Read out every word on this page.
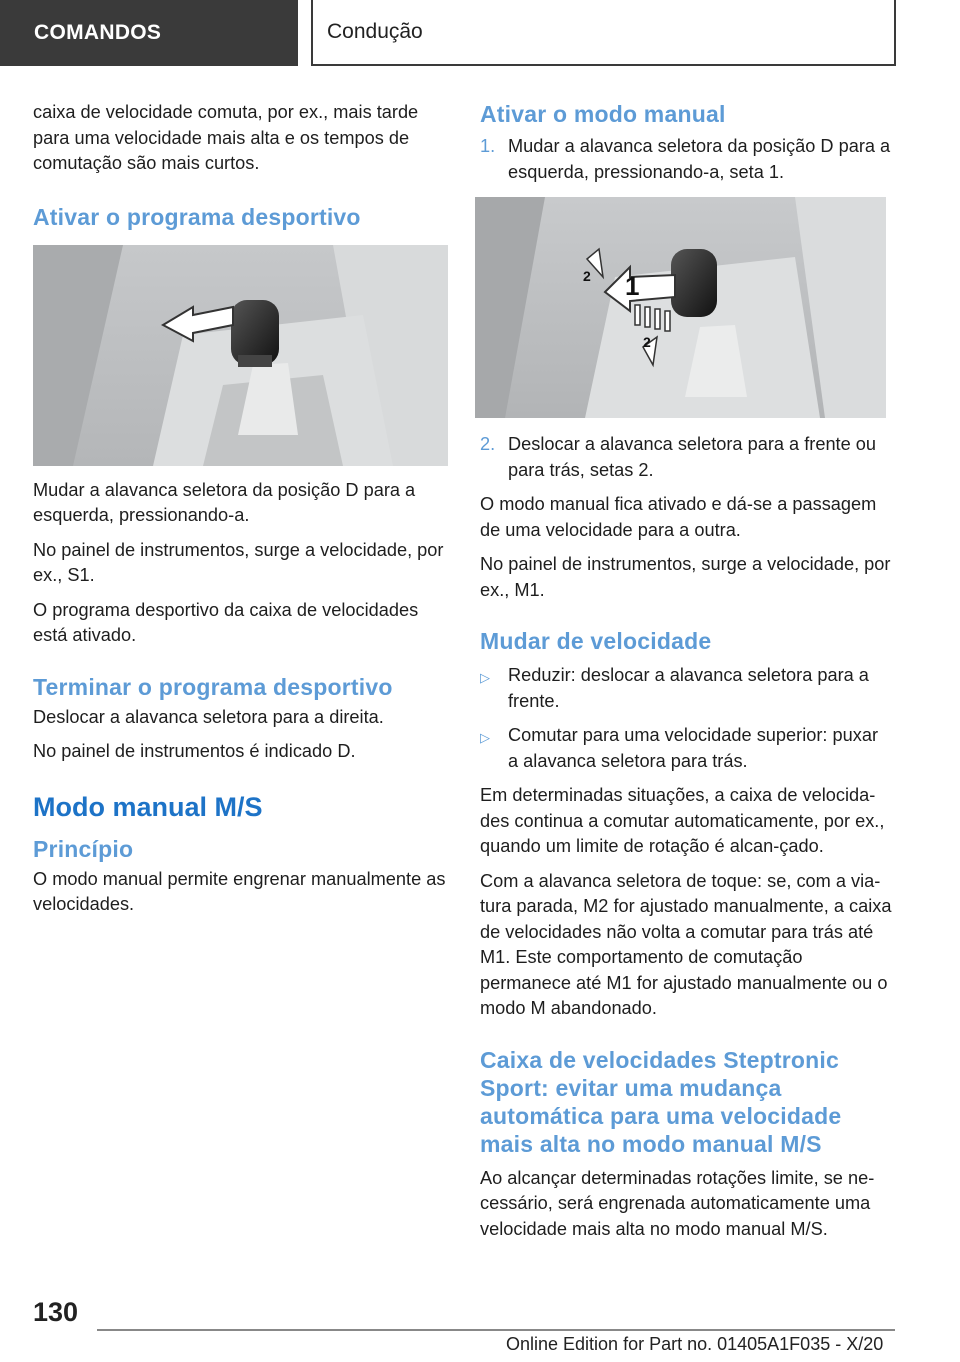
COMANDOS	Condução

caixa de velocidade comuta, por ex., mais tarde para uma velocidade mais alta e os tempos de comutação são mais curtos.

Ativar o programa desportivo

Mudar a alavanca seletora da posição D para a esquerda, pressionando-a.

No painel de instrumentos, surge a velocidade, por ex., S1.

O programa desportivo da caixa de velocidades está ativado.

Terminar o programa desportivo

Deslocar a alavanca seletora para a direita.

No painel de instrumentos é indicado D.

Modo manual M/S
Princípio

O modo manual permite engrenar manualmente as velocidades.

Ativar o modo manual
1. Mudar a alavanca seletora da posição D para a esquerda, pressionando-a, seta 1.
1
2
2
2. Deslocar a alavanca seletora para a frente ou para trás, setas 2.

O modo manual fica ativado e dá-se a passagem de uma velocidade para a outra.

No painel de instrumentos, surge a velocidade, por ex., M1.

Mudar de velocidade
▷ Reduzir: deslocar a alavanca seletora para a frente.
▷ Comutar para uma velocidade superior: puxar a alavanca seletora para trás.

Em determinadas situações, a caixa de velocida-des continua a comutar automaticamente, por ex., quando um limite de rotação é alcan-çado.

Com a alavanca seletora de toque: se, com a via-tura parada, M2 for ajustado manualmente, a caixa de velocidades não volta a comutar para trás até M1. Este comportamento de comutação permanece até M1 for ajustado manualmente ou o modo M abandonado.

Caixa de velocidades Steptronic Sport: evitar uma mudança automática para uma velocidade mais alta no modo manual M/S

Ao alcançar determinadas rotações limite, se ne-cessário, será engrenada automaticamente uma velocidade mais alta no modo manual M/S.

130
Online Edition for Part no. 01405A1F035 - X/20
